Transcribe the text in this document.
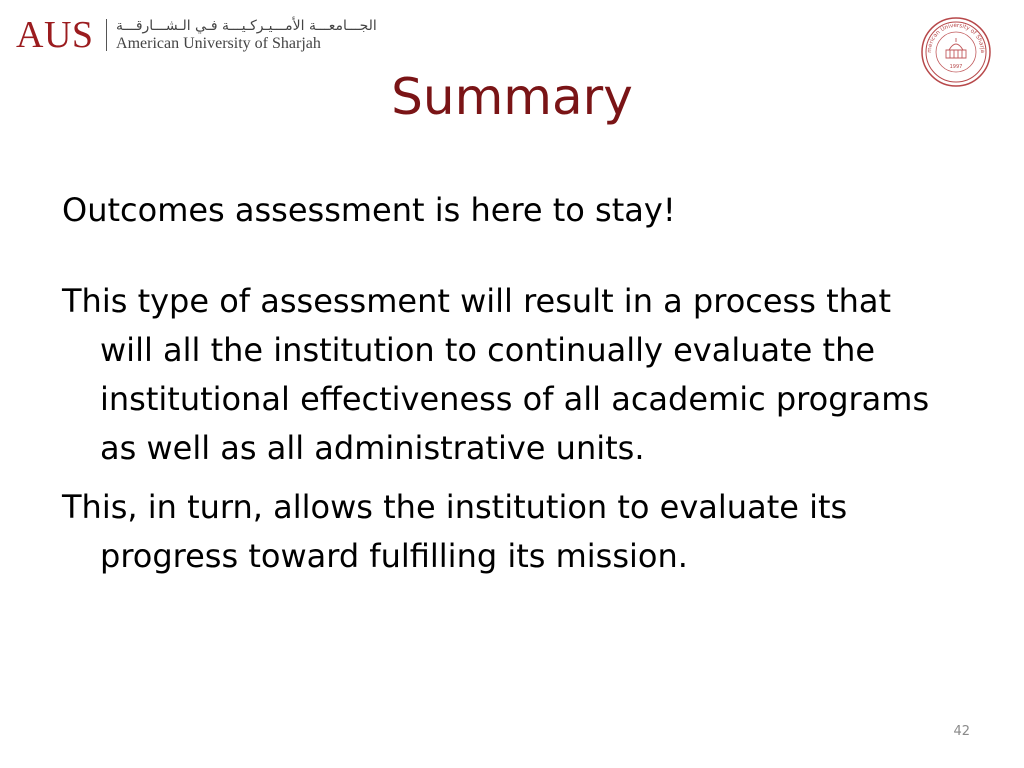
AUS الجـــامعـــة الأمـــيـركـيـــة فـي الـشـــارقـــة
American University of Sharjah	merican University of Sharja
1997
Summary

Outcomes assessment is here to stay!

This type of assessment will result in a process that will all the institution to continually evaluate the institutional effectiveness of all academic programs as well as all administrative units.

This, in turn, allows the institution to evaluate its progress toward fulfilling its mission.

42
